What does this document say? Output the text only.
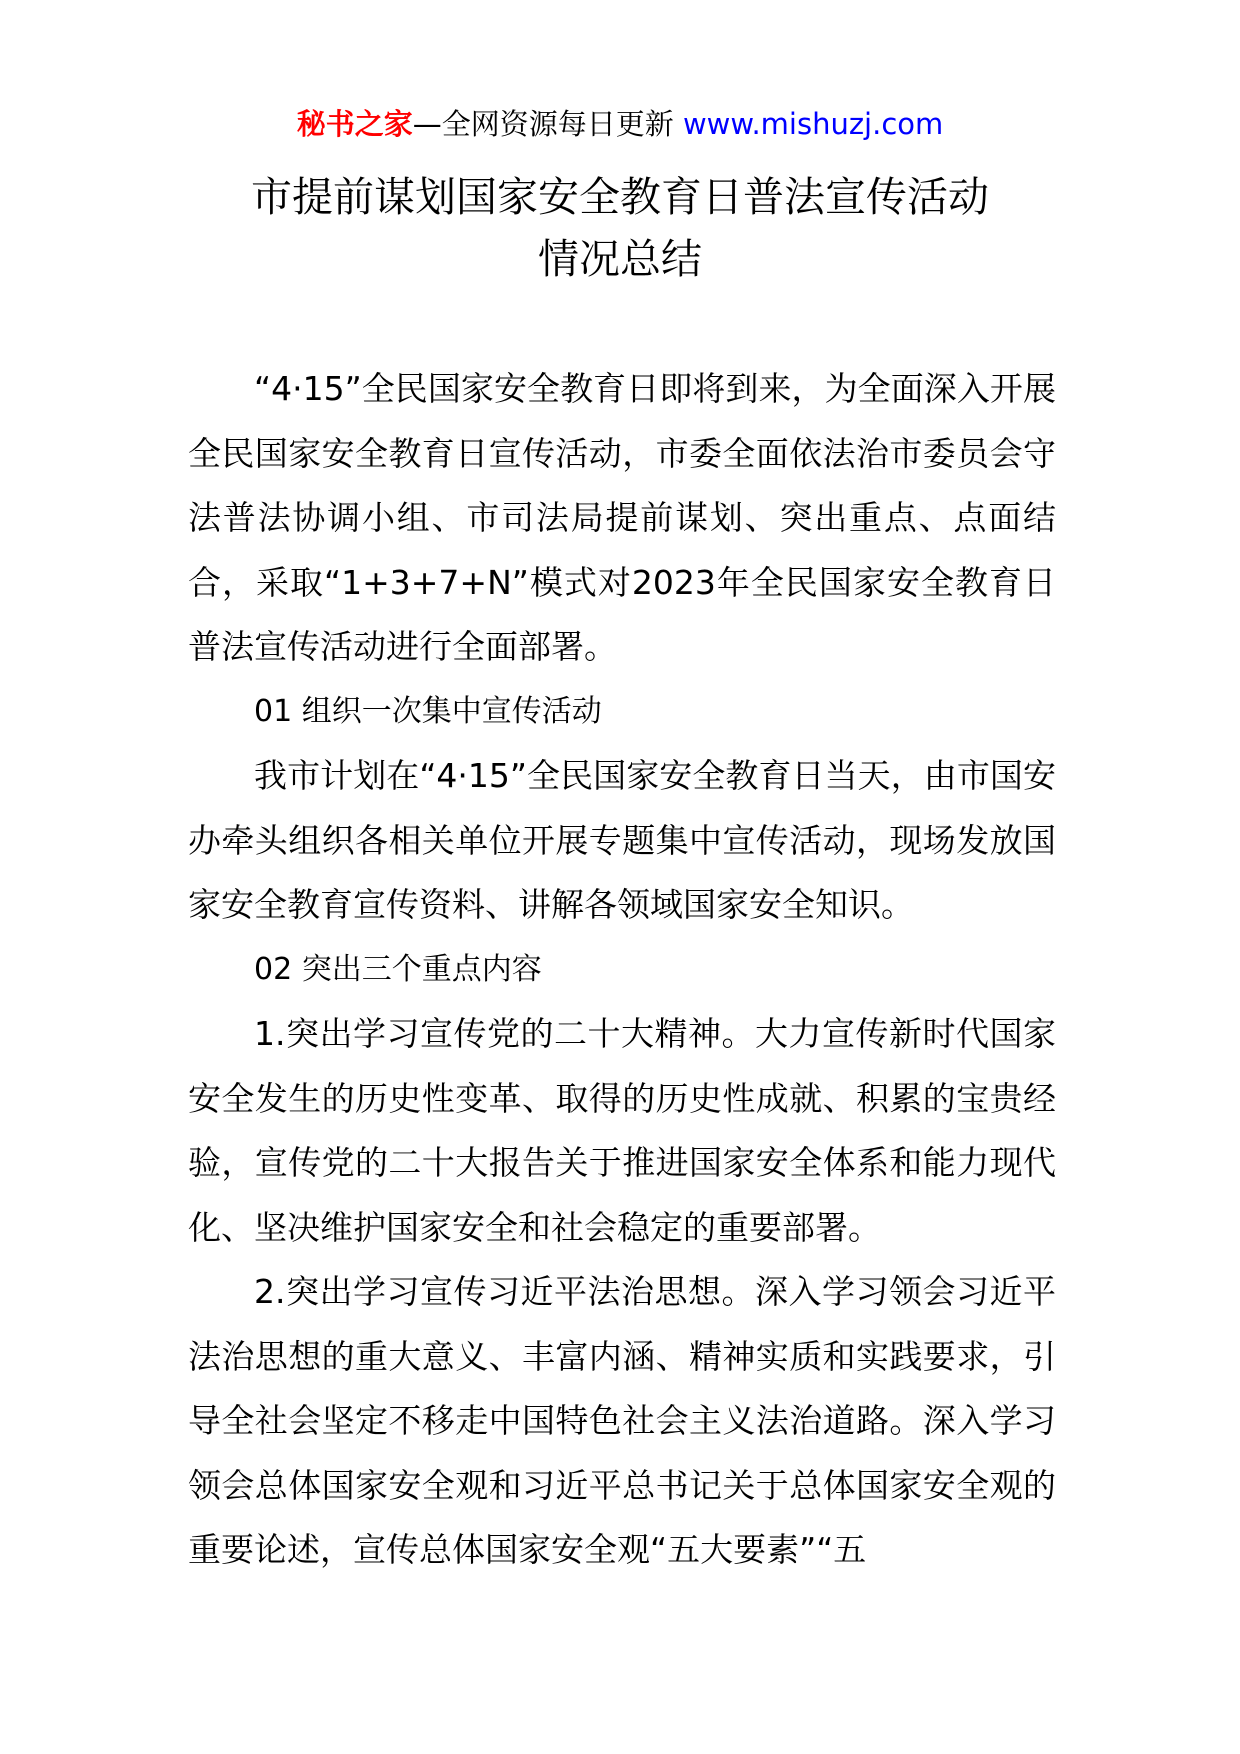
秘书之家—全网资源每日更新 www.mishuzj.com
市提前谋划国家安全教育日普法宣传活动
情况总结

“4·15”全民国家安全教育日即将到来，为全面深入开展全民国家安全教育日宣传活动，市委全面依法治市委员会守法普法协调小组、市司法局提前谋划、突出重点、点面结合，采取“1+3+7+N”模式对2023年全民国家安全教育日普法宣传活动进行全面部署。

01 组织一次集中宣传活动

我市计划在“4·15”全民国家安全教育日当天，由市国安办牵头组织各相关单位开展专题集中宣传活动，现场发放国家安全教育宣传资料、讲解各领域国家安全知识。

02 突出三个重点内容

1.突出学习宣传党的二十大精神。大力宣传新时代国家安全发生的历史性变革、取得的历史性成就、积累的宝贵经验，宣传党的二十大报告关于推进国家安全体系和能力现代化、坚决维护国家安全和社会稳定的重要部署。

2.突出学习宣传习近平法治思想。深入学习领会习近平法治思想的重大意义、丰富内涵、精神实质和实践要求，引导全社会坚定不移走中国特色社会主义法治道路。深入学习领会总体国家安全观和习近平总书记关于总体国家安全观的重要论述，宣传总体国家安全观“五大要素”“五
